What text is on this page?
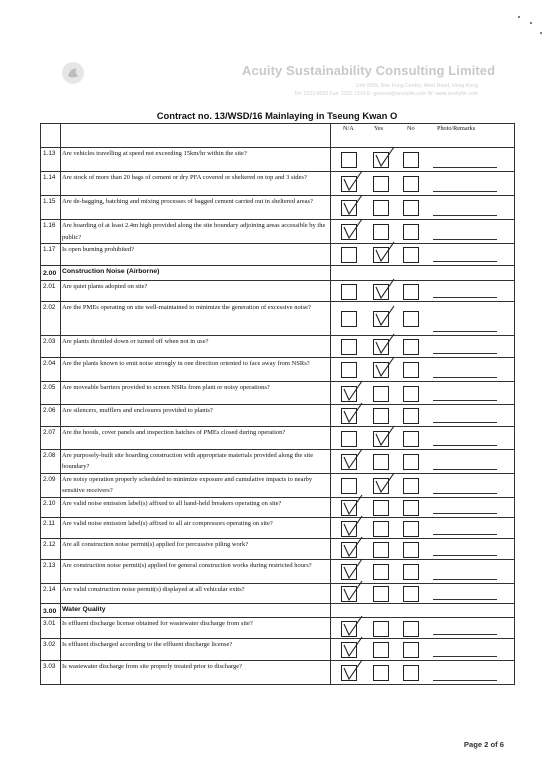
Acuity Sustainability Consulting Limited
Unit 1509, Nan Fung Centre, West Road, Hong Kong
Tel: 2333 0620 Fax: 2333 1316 E: general@acuityhk.com W: www.acuityhk.com
Contract no. 13/WSD/16 Mainlaying in Tseung Kwan O

		N/A Yes No Photo/Remarks

1.13	Are vehicles travelling at speed not exceeding 15km/hr within the site?	

1.14	Are stock of more than 20 bags of cement or dry PFA covered or sheltered on top and 3 sides?	

1.15	Are de-bagging, batching and mixing processes of bagged cement carried out in sheltered areas?	

1.16	Are hoarding of at least 2.4m high provided along the site boundary adjoining areas accessible by the public?	

1.17	Is open burning prohibited?	

2.00	Construction Noise (Airborne)	
2.01	Are quiet plants adopted on site?	

2.02	Are the PMEs operating on site well-maintained to minimize the generation of excessive noise?	

2.03	Are plants throttled down or turned off when not in use?	

2.04	Are the plants known to emit noise strongly in one direction oriented to face away from NSRs?	

2.05	Are moveable barriers provided to screen NSRs from plant or noisy operations?	

2.06	Are silencers, mufflers and enclosures provided to plants?	

2.07	Are the hoods, cover panels and inspection hatches of PMEs closed during operation?	

2.08	Are purposely-built site hoarding construction with appropriate materials provided along the site boundary?	

2.09	Are noisy operation properly scheduled to minimize exposure and cumulative impacts to nearby sensitive receivers?	

2.10	Are valid noise emission label(s) affixed to all hand-held breakers operating on site?	

2.11	Are valid noise emission label(s) affixed to all air compressors operating on site?	

2.12	Are all construction noise permit(s) applied for percussive piling work?	

2.13	Are construction noise permit(s) applied for general construction works during restricted hours?	

2.14	Are valid construction noise permit(s) displayed at all vehicular exits?	

3.00	Water Quality	
3.01	Is effluent discharge license obtained for wastewater discharge from site?	

3.02	Is effluent discharged according to the effluent discharge license?	

3.03	Is wastewater discharge from site properly treated prior to discharge?	
Page 2 of 6
